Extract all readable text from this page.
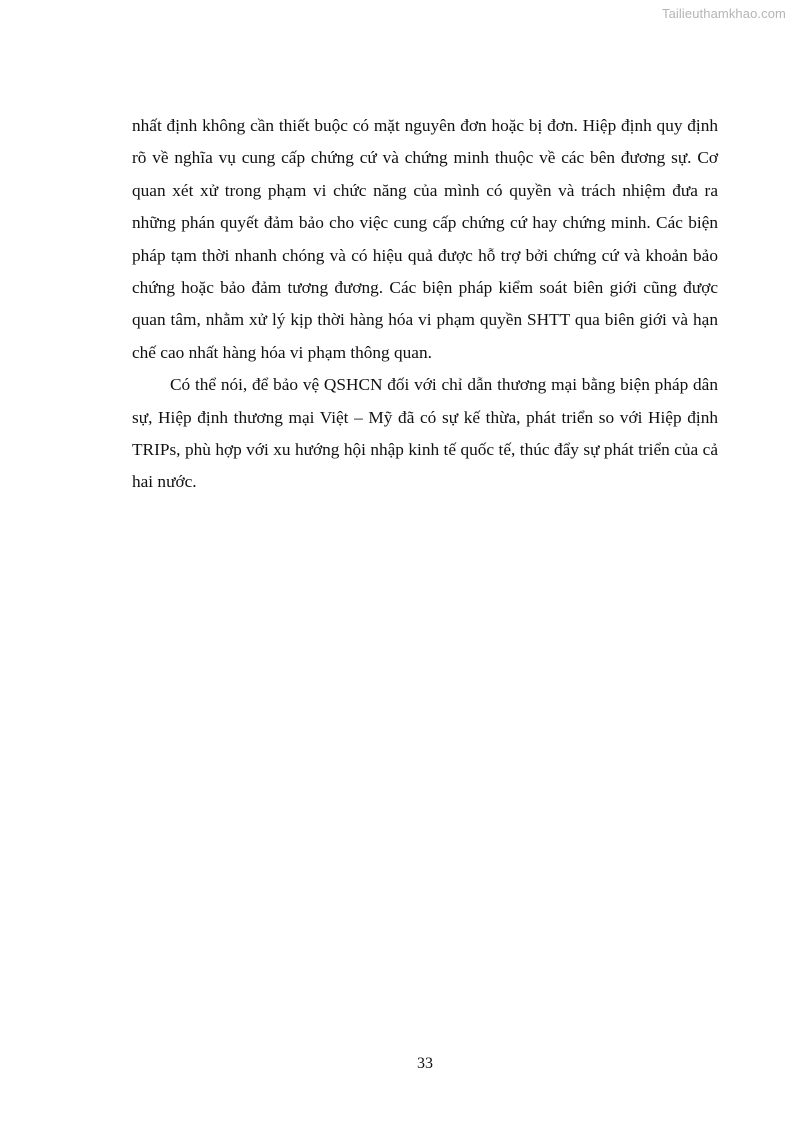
Tailieuthamkhao.com

nhất định không cần thiết buộc có mặt nguyên đơn hoặc bị đơn. Hiệp định quy định rõ về nghĩa vụ cung cấp chứng cứ và chứng minh thuộc về các bên đương sự. Cơ quan xét xử trong phạm vi chức năng của mình có quyền và trách nhiệm đưa ra những phán quyết đảm bảo cho việc cung cấp chứng cứ hay chứng minh. Các biện pháp tạm thời nhanh chóng và có hiệu quả được hỗ trợ bởi chứng cứ và khoản bảo chứng hoặc bảo đảm tương đương. Các biện pháp kiểm soát biên giới cũng được quan tâm, nhằm xử lý kịp thời hàng hóa vi phạm quyền SHTT qua biên giới và hạn chế cao nhất hàng hóa vi phạm thông quan.

Có thể nói, để bảo vệ QSHCN đối với chỉ dẫn thương mại bằng biện pháp dân sự, Hiệp định thương mại Việt – Mỹ đã có sự kế thừa, phát triển so với Hiệp định TRIPs, phù hợp với xu hướng hội nhập kinh tế quốc tế, thúc đẩy sự phát triển của cả hai nước.

33
